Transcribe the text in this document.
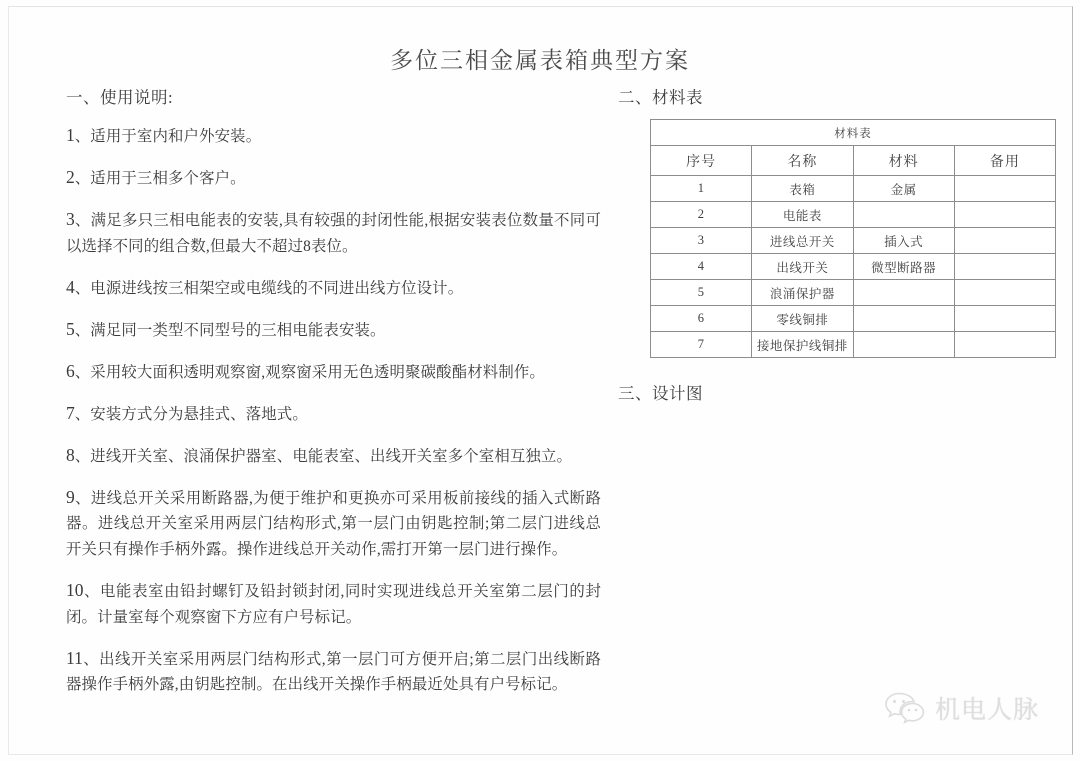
多位三相金属表箱典型方案
一、使用说明:

1、适用于室内和户外安装。

2、适用于三相多个客户。

3、满足多只三相电能表的安装,具有较强的封闭性能,根据安装表位数量不同可以选择不同的组合数,但最大不超过8表位。

4、电源进线按三相架空或电缆线的不同进出线方位设计。

5、满足同一类型不同型号的三相电能表安装。

6、采用较大面积透明观察窗,观察窗采用无色透明聚碳酸酯材料制作。

7、安装方式分为悬挂式、落地式。

8、进线开关室、浪涌保护器室、电能表室、出线开关室多个室相互独立。

9、进线总开关采用断路器,为便于维护和更换亦可采用板前接线的插入式断路器。进线总开关室采用两层门结构形式,第一层门由钥匙控制;第二层门进线总开关只有操作手柄外露。操作进线总开关动作,需打开第一层门进行操作。

10、电能表室由铅封螺钉及铅封锁封闭,同时实现进线总开关室第二层门的封闭。计量室每个观察窗下方应有户号标记。

11、出线开关室采用两层门结构形式,第一层门可方便开启;第二层门出线断路器操作手柄外露,由钥匙控制。在出线开关操作手柄最近处具有户号标记。

二、材料表
材料表			
序号	名称	材料	备用
1	表箱	金属	
2	电能表		
3	进线总开关	插入式	
4	出线开关	微型断路器	
5	浪涌保护器		
6	零线铜排		
7	接地保护线铜排		
三、设计图
机电人脉
